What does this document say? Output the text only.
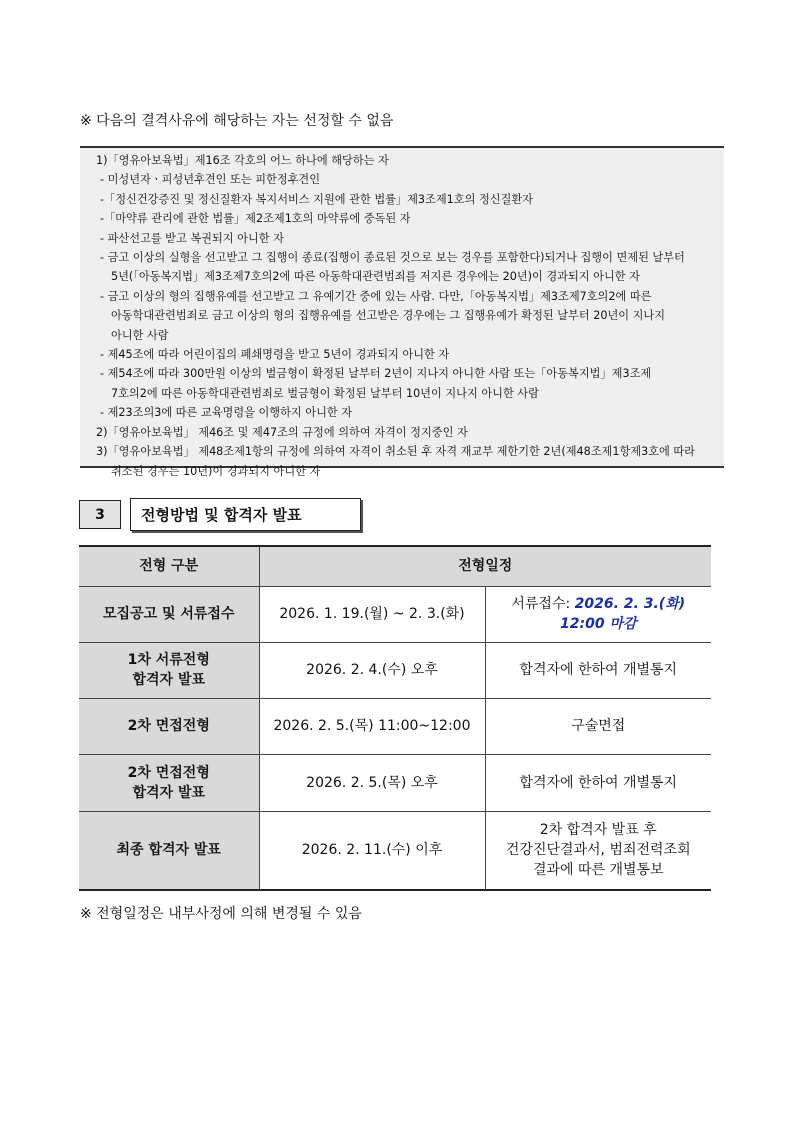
※ 다음의 결격사유에 해당하는 자는 선정할 수 없음
1)「영유아보육법」제16조 각호의 어느 하나에 해당하는 자
- 미성년자ㆍ피성년후견인 또는 피한정후견인
-「정신건강증진 및 정신질환자 복지서비스 지원에 관한 법률」제3조제1호의 정신질환자
-「마약류 관리에 관한 법률」제2조제1호의 마약류에 중독된 자
- 파산선고를 받고 복권되지 아니한 자
- 금고 이상의 실형을 선고받고 그 집행이 종료(집행이 종료된 것으로 보는 경우를 포함한다)되거나 집행이 면제된 날부터
5년(「아동복지법」제3조제7호의2에 따른 아동학대관련범죄를 저지른 경우에는 20년)이 경과되지 아니한 자
- 금고 이상의 형의 집행유예를 선고받고 그 유예기간 중에 있는 사람. 다만,「아동복지법」제3조제7호의2에 따른
아동학대관련범죄로 금고 이상의 형의 집행유예를 선고받은 경우에는 그 집행유예가 확정된 날부터 20년이 지나지
아니한 사람
- 제45조에 따라 어린이집의 폐쇄명령을 받고 5년이 경과되지 아니한 자
- 제54조에 따라 300만원 이상의 벌금형이 확정된 날부터 2년이 지나지 아니한 사람 또는「아동복지법」제3조제
7호의2에 따른 아동학대관련범죄로 벌금형이 확정된 날부터 10년이 지나지 아니한 사람
- 제23조의3에 따른 교육명령을 이행하지 아니한 자
2)「영유아보육법」 제46조 및 제47조의 규정에 의하여 자격이 정지중인 자
3)「영유아보육법」 제48조제1항의 규정에 의하여 자격이 취소된 후 자격 재교부 제한기한 2년(제48조제1항제3호에 따라
취소된 경우는 10년)이 경과되지 아니한 자
3	전형방법 및 합격자 발표
전형 구분	전형일정	
모집공고 및 서류접수	2026. 1. 19.(월) ~ 2. 3.(화)	서류접수: 2026. 2. 3.(화) 12:00 마감
1차 서류전형
합격자 발표	2026. 2. 4.(수) 오후	합격자에 한하여 개별통지
2차 면접전형	2026. 2. 5.(목) 11:00~12:00	구술면접
2차 면접전형
합격자 발표	2026. 2. 5.(목) 오후	합격자에 한하여 개별통지
최종 합격자 발표	2026. 2. 11.(수) 이후	2차 합격자 발표 후
건강진단결과서, 범죄전력조회
결과에 따른 개별통보
※ 전형일정은 내부사정에 의해 변경될 수 있음
